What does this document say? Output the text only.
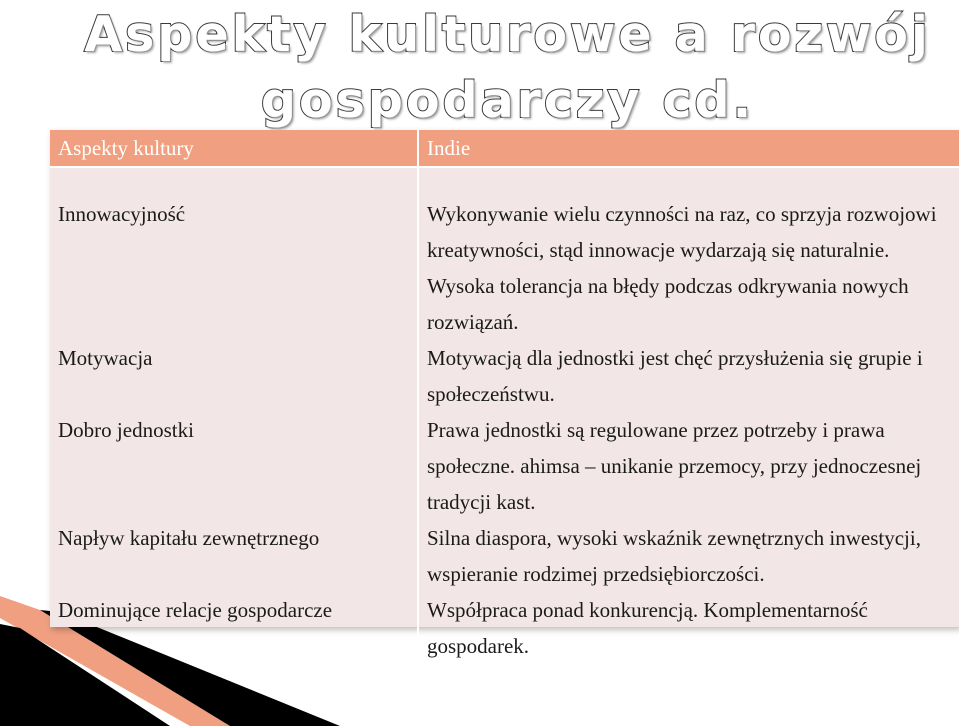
Aspekty kulturowe a rozwój
gospodarczy cd.
Aspekty kultury	Indie
Innowacyjność	Wykonywanie wielu czynności na raz, co sprzyja rozwojowi kreatywności, stąd innowacje wydarzają się naturalnie. Wysoka tolerancja na błędy podczas odkrywania nowych rozwiązań.
Motywacja	Motywacją dla jednostki jest chęć przysłużenia się grupie i społeczeństwu.
Dobro jednostki	Prawa jednostki są regulowane przez potrzeby i prawa społeczne. ahimsa – unikanie przemocy, przy jednoczesnej tradycji kast.
Napływ kapitału zewnętrznego	Silna diaspora, wysoki wskaźnik zewnętrznych inwestycji, wspieranie rodzimej przedsiębiorczości.
Dominujące relacje gospodarcze	Współpraca ponad konkurencją. Komplementarność gospodarek.
